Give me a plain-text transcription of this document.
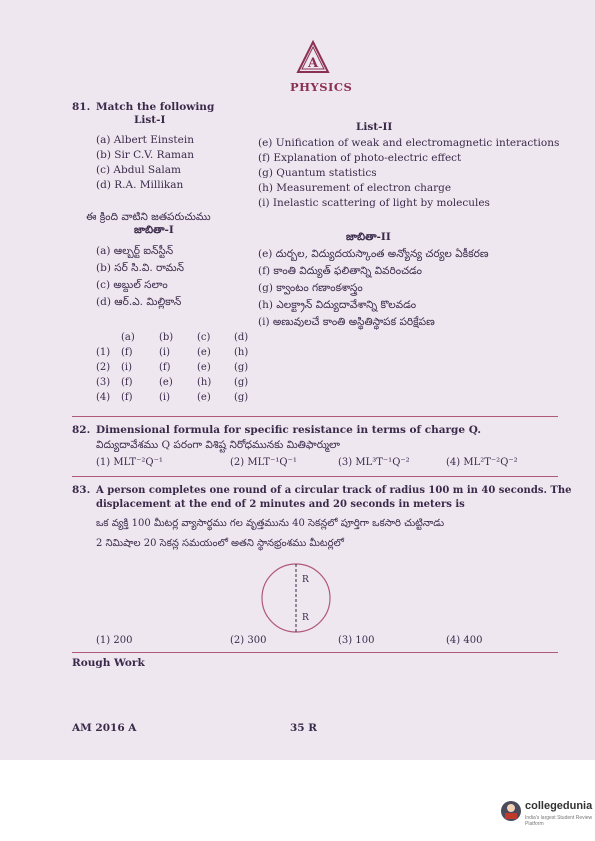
A
PHYSICS
81. Match the following
List-I
List-II
(a) Albert Einstein
(b) Sir C.V. Raman
(c) Abdul Salam
(d) R.A. Millikan
(e) Unification of weak and electromagnetic interactions
(f) Explanation of photo-electric effect
(g) Quantum statistics
(h) Measurement of electron charge
(i) Inelastic scattering of light by molecules
ఈ క్రింది వాటిని జతపరుచుము
జాబితా-I
జాబితా-II
(a) ఆల్బర్ట్ ఐన్‌స్టీన్
(b) సర్ సి.వి. రామన్
(c) అబ్దుల్ సలాం
(d) ఆర్.ఎ. మిల్లికాన్
(e) దుర్బల, విద్యుదయస్కాంత అన్యోన్య చర్యల ఏకీకరణ
(f) కాంతి విద్యుత్ ఫలితాన్ని వివరించడం
(g) క్వాంటం గణాంకశాస్త్రం
(h) ఎలక్ట్రాన్ విద్యుదావేశాన్ని కొలవడం
(i) అణువులచే కాంతి అస్థితిస్థాపక పరిక్షేపణ
(a) (b) (c) (d)
(1) (f)	(i)	(e) (h)
(2) (i)	(f)	(e) (g)
(3) (f)	(e) (h) (g)
(4) (f)	(i)	(e) (g)
82. Dimensional formula for specific resistance in terms of charge Q.
విద్యుదావేశము Q పరంగా విశిష్ట నిరోధమునకు మితిఫార్ములా
(1) MLT⁻²Q⁻¹	(2) MLT⁻¹Q⁻¹	(3) ML³T⁻¹Q⁻²	(4) ML²T⁻²Q⁻²
83. A person completes one round of a circular track of radius 100 m in 40 seconds. The
displacement at the end of 2 minutes and 20 seconds in meters is
ఒక వ్యక్తి 100 మీటర్ల వ్యాసార్థము గల వృత్తమును 40 సెకన్లలో పూర్తిగా ఒకసారి చుట్టినాడు
2 నిమిషాల 20 సెకన్ల సమయంలో అతని స్థానభ్రంశము మీటర్లలో
R
R
(1) 200	(2) 300	(3) 100	(4) 400
Rough Work
AM 2016 A	35 R
collegedunia
India's largest Student Review Platform
